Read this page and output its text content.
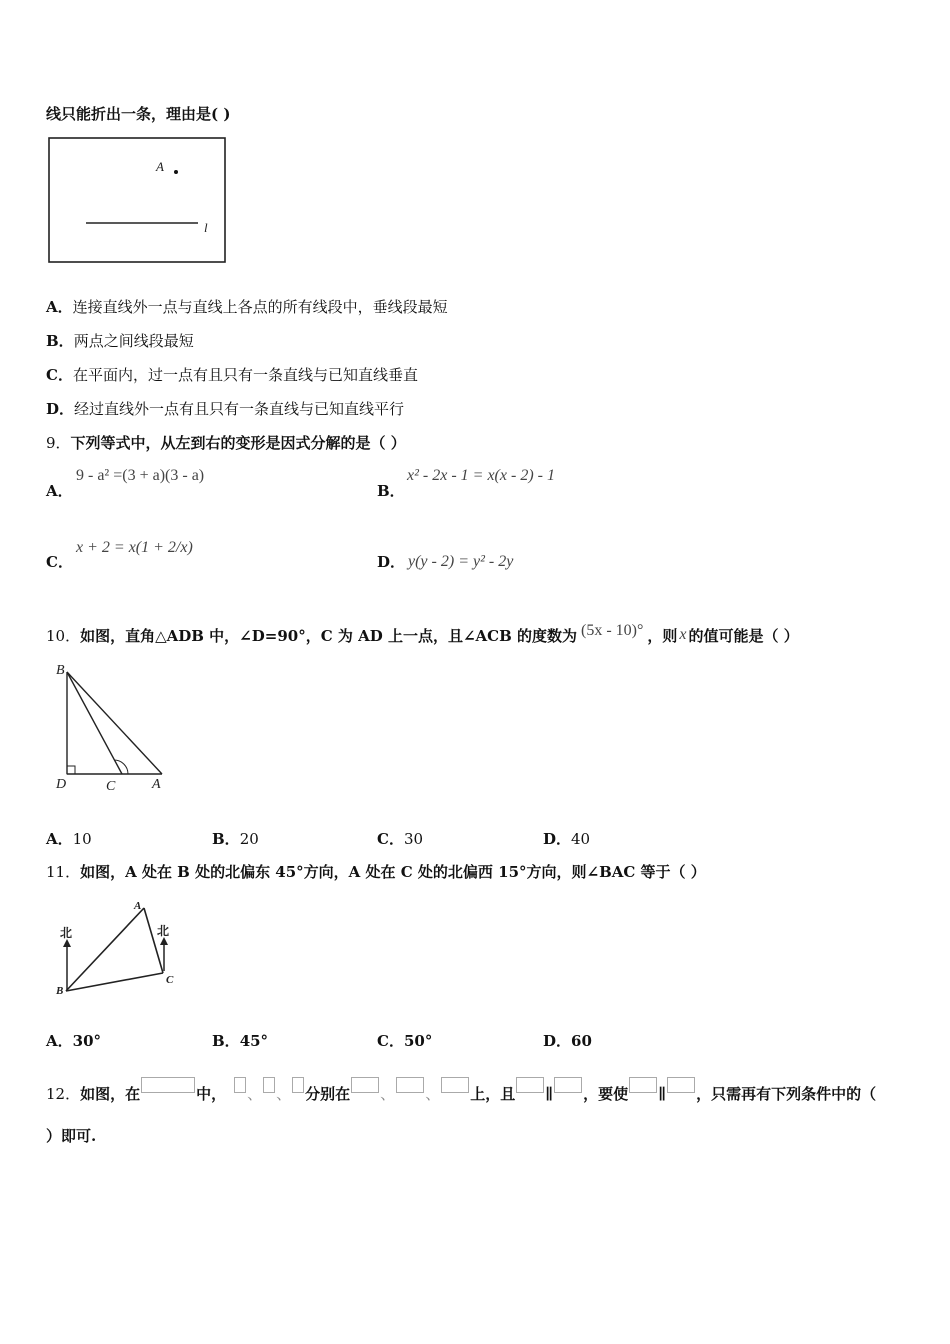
线只能折出一条，理由是( )
A
l
A．连接直线外一点与直线上各点的所有线段中，垂线段最短
B．两点之间线段最短
C．在平面内，过一点有且只有一条直线与已知直线垂直
D．经过直线外一点有且只有一条直线与已知直线平行
9．下列等式中，从左到右的变形是因式分解的是（ ）
A．
9 - a² =(3 + a)(3 - a)
B．
x² - 2x - 1 = x(x - 2) - 1
C．
x + 2 = x(1 + 2/x)
D． y(y - 2) = y² - 2y
10．如图，直角△ADB 中，∠D=90°，C 为 AD 上一点，且∠ACB 的度数为 (5x - 10)° ，则 x 的值可能是（ ）
B
D	C	A
A．10	B．20	C．30	D．40
11．如图，A 处在 B 处的北偏东 45°方向，A 处在 C 处的北偏西 15°方向，则∠BAC 等于（ ）
北	北
A
B
C
A．30°	B．45°	C．50°	D．60
12．如图，在	中， 、 、 分别在 、 、 上，且 ∥ ，要使 ∥ ，只需再有下列条件中的（
）即可.
